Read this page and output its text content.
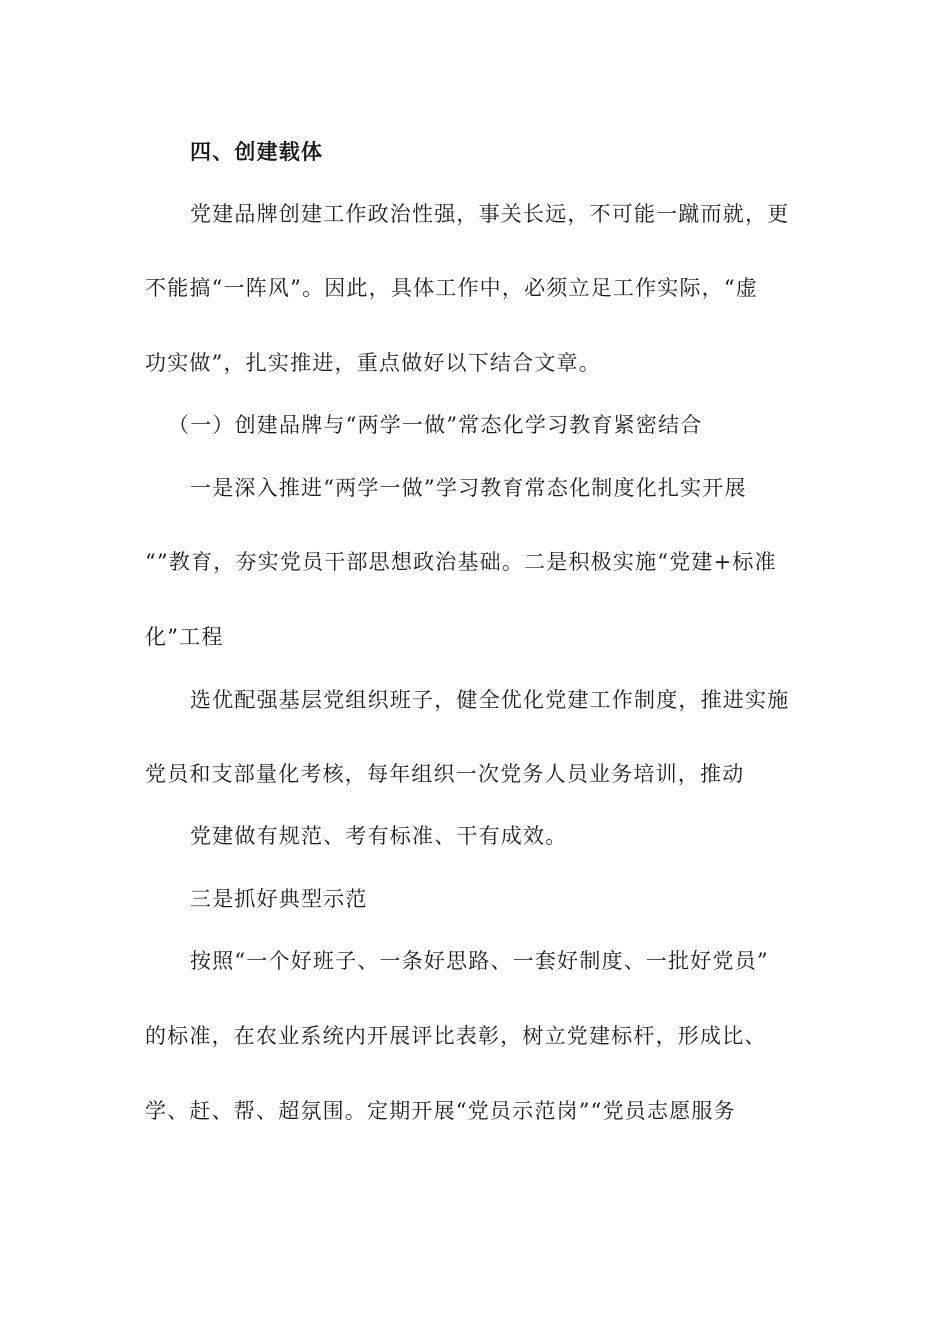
四、创建载体
党建品牌创建工作政治性强，事关长远，不可能一蹴而就，更
不能搞“一阵风”。因此，具体工作中，必须立足工作实际，“虚
功实做”，扎实推进，重点做好以下结合文章。
（一）创建品牌与“两学一做”常态化学习教育紧密结合
一是深入推进“两学一做”学习教育常态化制度化扎实开展
“”教育，夯实党员干部思想政治基础。二是积极实施“党建+标准
化”工程
选优配强基层党组织班子，健全优化党建工作制度，推进实施
党员和支部量化考核，每年组织一次党务人员业务培训，推动
党建做有规范、考有标准、干有成效。
三是抓好典型示范
按照“一个好班子、一条好思路、一套好制度、一批好党员”
的标准，在农业系统内开展评比表彰，树立党建标杆，形成比、
学、赶、帮、超氛围。定期开展“党员示范岗”“党员志愿服务
